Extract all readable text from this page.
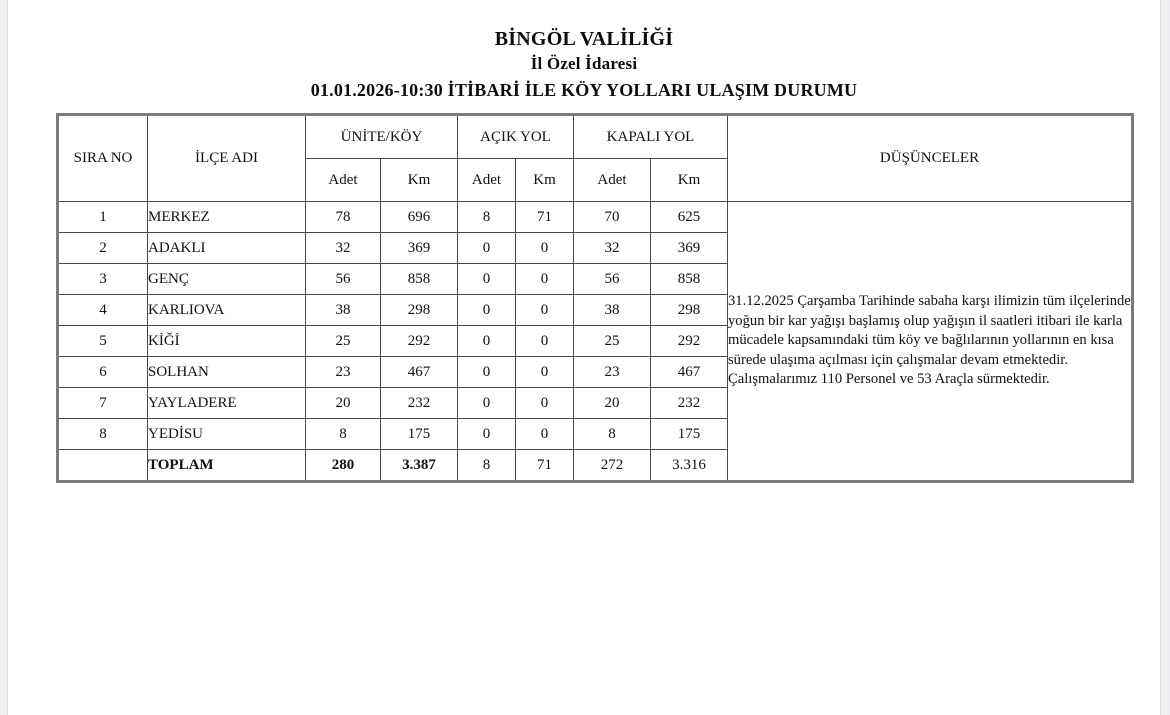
BİNGÖL VALİLİĞİ
İl Özel İdaresi
01.01.2026-10:30 İTİBARİ İLE KÖY YOLLARI ULAŞIM DURUMU
SIRA NO	İLÇE ADI	ÜNİTE/KÖY		AÇIK YOL		KAPALI YOL		DÜŞÜNCELER
		Adet	Km	Adet	Km	Adet	Km	
1	MERKEZ	78	696	8	71	70	625	31.12.2025 Çarşamba Tarihinde sabaha karşı ilimizin tüm ilçelerinde yoğun bir kar yağışı başlamış olup yağışın il saatleri itibari ile karla mücadele kapsamındaki tüm köy ve bağlılarının yollarının en kısa sürede ulaşıma açılması için çalışmalar devam etmektedir.

Çalışmalarımız 110 Personel ve 53 Araçla sürmektedir.

2	ADAKLI	32	369	0	0	32	369	
3	GENÇ	56	858	0	0	56	858	
4	KARLIOVA	38	298	0	0	38	298	
5	KİĞİ	25	292	0	0	25	292	
6	SOLHAN	23	467	0	0	23	467	
7	YAYLADERE	20	232	0	0	20	232	
8	YEDİSU	8	175	0	0	8	175	
	TOPLAM	280	3.387	8	71	272	3.316	
